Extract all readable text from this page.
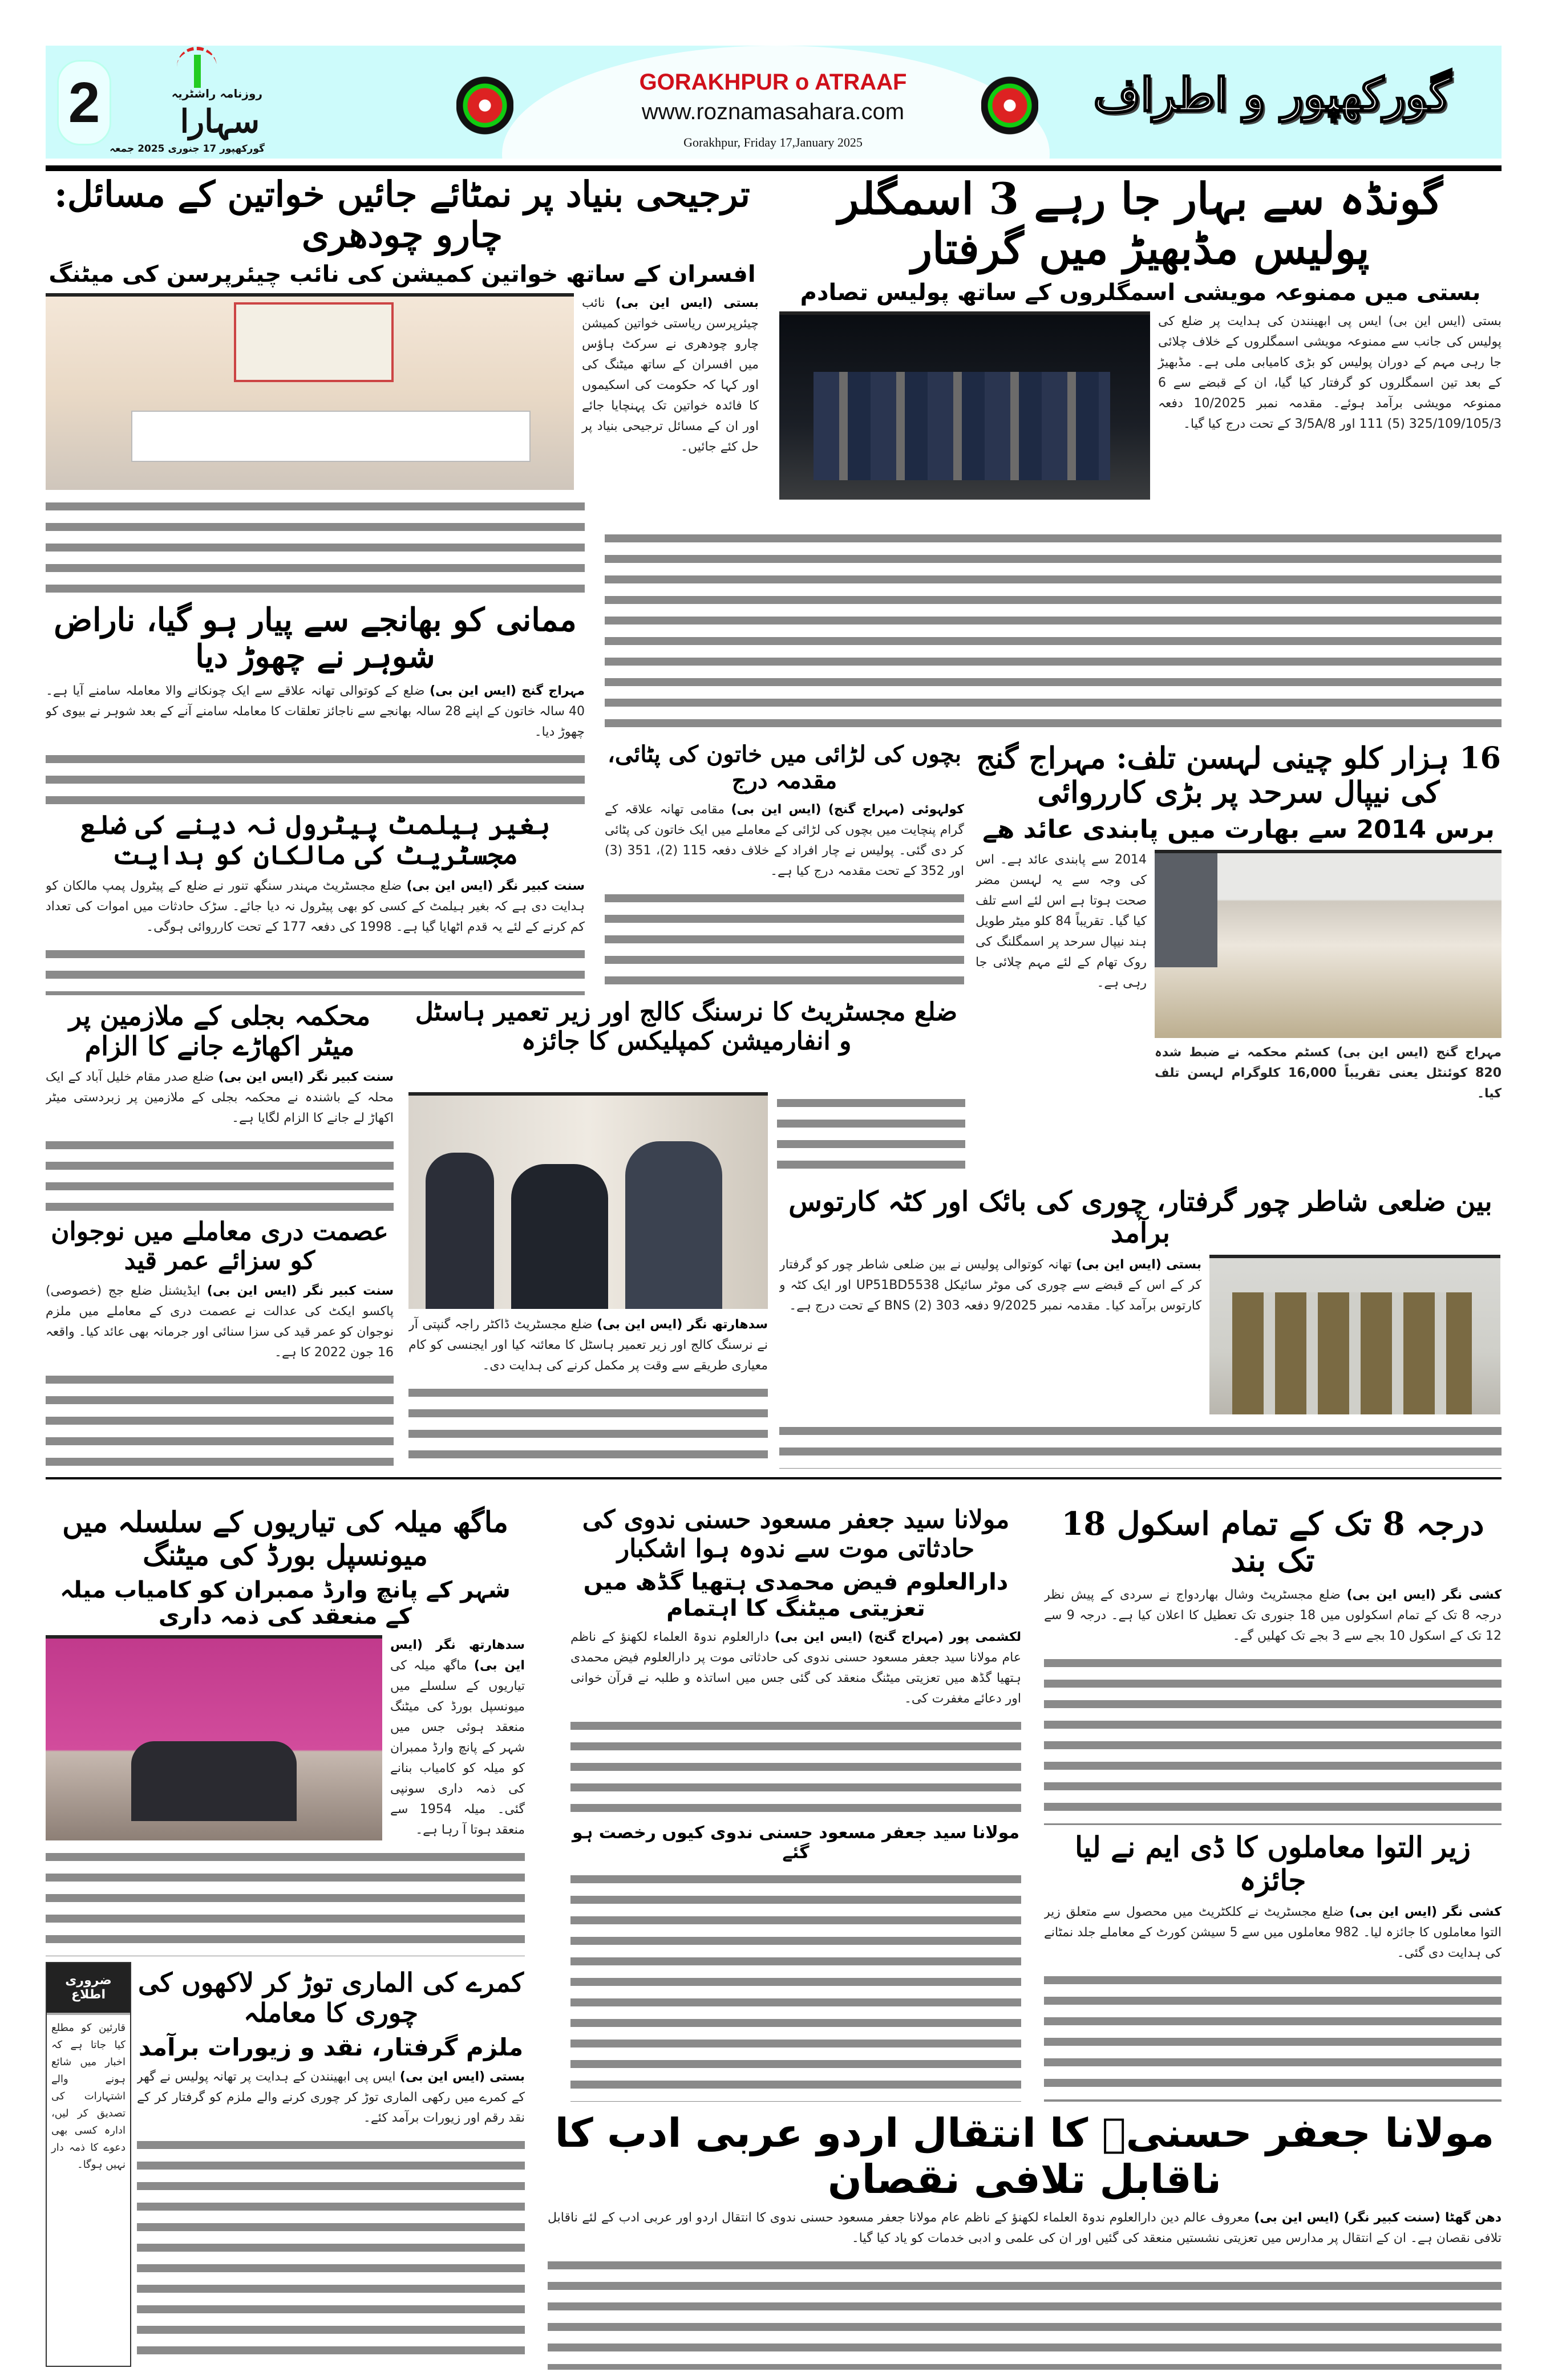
2	روزنامہ راشٹریہ
سہارا
گورکھپور 17 جنوری 2025 جمعہ
GORAKHPUR o ATRAAF
www.roznamasahara.com
Gorakhpur, Friday 17,January 2025
گورکھپور و اطراف
ترجیحی بنیاد پر نمٹائے جائیں خواتین کے مسائل: چارو چودھری
افسران کے ساتھ خواتین کمیشن کی نائب چیئرپرسن کی میٹنگ
بستی (ایس این بی) نائب چیئرپرسن ریاستی خواتین کمیشن چارو چودھری نے سرکٹ ہاؤس میں افسران کے ساتھ میٹنگ کی اور کہا کہ حکومت کی اسکیموں کا فائدہ خواتین تک پہنچایا جائے اور ان کے مسائل ترجیحی بنیاد پر حل کئے جائیں۔
گونڈہ سے بہار جا رہے 3 اسمگلر پولیس مڈبھیڑ میں گرفتار
بستی میں ممنوعہ مویشی اسمگلروں کے ساتھ پولیس تصادم
بستی (ایس این بی) ایس پی ابھینندن کی ہدایت پر ضلع کی پولیس کی جانب سے ممنوعہ مویشی اسمگلروں کے خلاف چلائی جا رہی مہم کے دوران پولیس کو بڑی کامیابی ملی ہے۔ مڈبھیڑ کے بعد تین اسمگلروں کو گرفتار کیا گیا، ان کے قبضے سے 6 ممنوعہ مویشی برآمد ہوئے۔ مقدمہ نمبر 10/2025 دفعہ 325/109/105/3 (5) 111 اور 3/5A/8 کے تحت درج کیا گیا۔
ممانی کو بھانجے سے پیار ہو گیا، ناراض شوہر نے چھوڑ دیا
مہراج گنج (ایس این بی) ضلع کے کوتوالی تھانہ علاقے سے ایک چونکانے والا معاملہ سامنے آیا ہے۔ 40 سالہ خاتون کے اپنے 28 سالہ بھانجے سے ناجائز تعلقات کا معاملہ سامنے آنے کے بعد شوہر نے بیوی کو چھوڑ دیا۔
بغیر ہیلمٹ پیٹرول نہ دینے کی ضلع مجسٹریٹ کی مالکان کو ہدایت
سنت کبیر نگر (ایس این بی) ضلع مجسٹریٹ مہندر سنگھ تنور نے ضلع کے پیٹرول پمپ مالکان کو ہدایت دی ہے کہ بغیر ہیلمٹ کے کسی کو بھی پیٹرول نہ دیا جائے۔ سڑک حادثات میں اموات کی تعداد کم کرنے کے لئے یہ قدم اٹھایا گیا ہے۔ 1998 کی دفعہ 177 کے تحت کارروائی ہوگی۔
محکمہ بجلی کے ملازمین پر میٹر اکھاڑے جانے کا الزام
سنت کبیر نگر (ایس این بی) ضلع صدر مقام خلیل آباد کے ایک محلہ کے باشندہ نے محکمہ بجلی کے ملازمین پر زبردستی میٹر اکھاڑ لے جانے کا الزام لگایا ہے۔
عصمت دری معاملے میں نوجوان کو سزائے عمر قید
سنت کبیر نگر (ایس این بی) ایڈیشنل ضلع جج (خصوصی) پاکسو ایکٹ کی عدالت نے عصمت دری کے معاملے میں ملزم نوجوان کو عمر قید کی سزا سنائی اور جرمانہ بھی عائد کیا۔ واقعہ 16 جون 2022 کا ہے۔
بچوں کی لڑائی میں خاتون کی پٹائی، مقدمہ درج
کولہوئی (مہراج گنج) (ایس این بی) مقامی تھانہ علاقہ کے گرام پنچایت میں بچوں کی لڑائی کے معاملے میں ایک خاتون کی پٹائی کر دی گئی۔ پولیس نے چار افراد کے خلاف دفعہ 115 (2)، 351 (3) اور 352 کے تحت مقدمہ درج کیا ہے۔
ضلع مجسٹریٹ کا نرسنگ کالج اور زیر تعمیر ہاسٹل و انفارمیشن کمپلیکس کا جائزہ
سدھارتھ نگر (ایس این بی) ضلع مجسٹریٹ ڈاکٹر راجہ گنپتی آر نے نرسنگ کالج اور زیر تعمیر ہاسٹل کا معائنہ کیا اور ایجنسی کو کام معیاری طریقے سے وقت پر مکمل کرنے کی ہدایت دی۔
16 ہزار کلو چینی لہسن تلف: مہراج گنج کی نیپال سرحد پر بڑی کارروائی
برس 2014 سے بھارت میں پابندی عائد ھے
2014 سے پابندی عائد ہے۔ اس کی وجہ سے یہ لہسن مضر صحت ہوتا ہے اس لئے اسے تلف کیا گیا۔ تقریباً 84 کلو میٹر طویل ہند نیپال سرحد پر اسمگلنگ کی روک تھام کے لئے مہم چلائی جا رہی ہے۔
مہراج گنج (ایس این بی) کسٹم محکمہ نے ضبط شدہ 820 کوئنٹل یعنی تقریباً 16,000 کلوگرام لہسن تلف کیا۔
بین ضلعی شاطر چور گرفتار، چوری کی بائک اور کٹہ کارتوس برآمد
بستی (ایس این بی) تھانہ کوتوالی پولیس نے بین ضلعی شاطر چور کو گرفتار کر کے اس کے قبضے سے چوری کی موٹر سائیکل UP51BD5538 اور ایک کٹہ و کارتوس برآمد کیا۔ مقدمہ نمبر 9/2025 دفعہ 303 (2) BNS کے تحت درج ہے۔
ماگھ میلہ کی تیاریوں کے سلسلہ میں میونسپل بورڈ کی میٹنگ
شہر کے پانچ وارڈ ممبران کو کامیاب میلہ کے منعقد کی ذمہ داری
سدھارتھ نگر (ایس این بی) ماگھ میلہ کی تیاریوں کے سلسلے میں میونسپل بورڈ کی میٹنگ منعقد ہوئی جس میں شہر کے پانچ وارڈ ممبران کو میلہ کو کامیاب بنانے کی ذمہ داری سونپی گئی۔ میلہ 1954 سے منعقد ہوتا آ رہا ہے۔
مولانا سید جعفر مسعود حسنی ندوی کی حادثاتی موت سے ندوہ ہوا اشکبار
دارالعلوم فیض محمدی ہتھیا گڈھ میں تعزیتی میٹنگ کا اہتمام
لکشمی پور (مہراج گنج) (ایس این بی) دارالعلوم ندوۃ العلماء لکھنؤ کے ناظم عام مولانا سید جعفر مسعود حسنی ندوی کی حادثاتی موت پر دارالعلوم فیض محمدی ہتھیا گڈھ میں تعزیتی میٹنگ منعقد کی گئی جس میں اساتذہ و طلبہ نے قرآن خوانی اور دعائے مغفرت کی۔
مولانا سید جعفر مسعود حسنی ندوی کیوں رخصت ہو گئے
درجہ 8 تک کے تمام اسکول 18 تک بند
کشی نگر (ایس این بی) ضلع مجسٹریٹ وشال بھاردواج نے سردی کے پیش نظر درجہ 8 تک کے تمام اسکولوں میں 18 جنوری تک تعطیل کا اعلان کیا ہے۔ درجہ 9 سے 12 تک کے اسکول 10 بجے سے 3 بجے تک کھلیں گے۔
زیر التوا معاملوں کا ڈی ایم نے لیا جائزہ
کشی نگر (ایس این بی) ضلع مجسٹریٹ نے کلکٹریٹ میں محصول سے متعلق زیر التوا معاملوں کا جائزہ لیا۔ 982 معاملوں میں سے 5 سیشن کورٹ کے معاملے جلد نمٹانے کی ہدایت دی گئی۔
ضروری اطلاع
قارئین کو مطلع کیا جاتا ہے کہ اخبار میں شائع ہونے والے اشتہارات کی تصدیق کر لیں، ادارہ کسی بھی دعوے کا ذمہ دار نہیں ہوگا۔
کمرے کی الماری توڑ کر لاکھوں کی چوری کا معاملہ
ملزم گرفتار، نقد و زیورات برآمد
بستی (ایس این بی) ایس پی ابھینندن کے ہدایت پر تھانہ پولیس نے گھر کے کمرے میں رکھی الماری توڑ کر چوری کرنے والے ملزم کو گرفتار کر کے نقد رقم اور زیورات برآمد کئے۔ مولانا جعفر حسنیؒ کا انتقال اردو عربی ادب کا ناقابل تلافی نقصان
دھن گھٹا (سنت کبیر نگر) (ایس این بی) معروف عالم دین دارالعلوم ندوۃ العلماء لکھنؤ کے ناظم عام مولانا جعفر مسعود حسنی ندوی کا انتقال اردو اور عربی ادب کے لئے ناقابل تلافی نقصان ہے۔ ان کے انتقال پر مدارس میں تعزیتی نشستیں منعقد کی گئیں اور ان کی علمی و ادبی خدمات کو یاد کیا گیا۔
